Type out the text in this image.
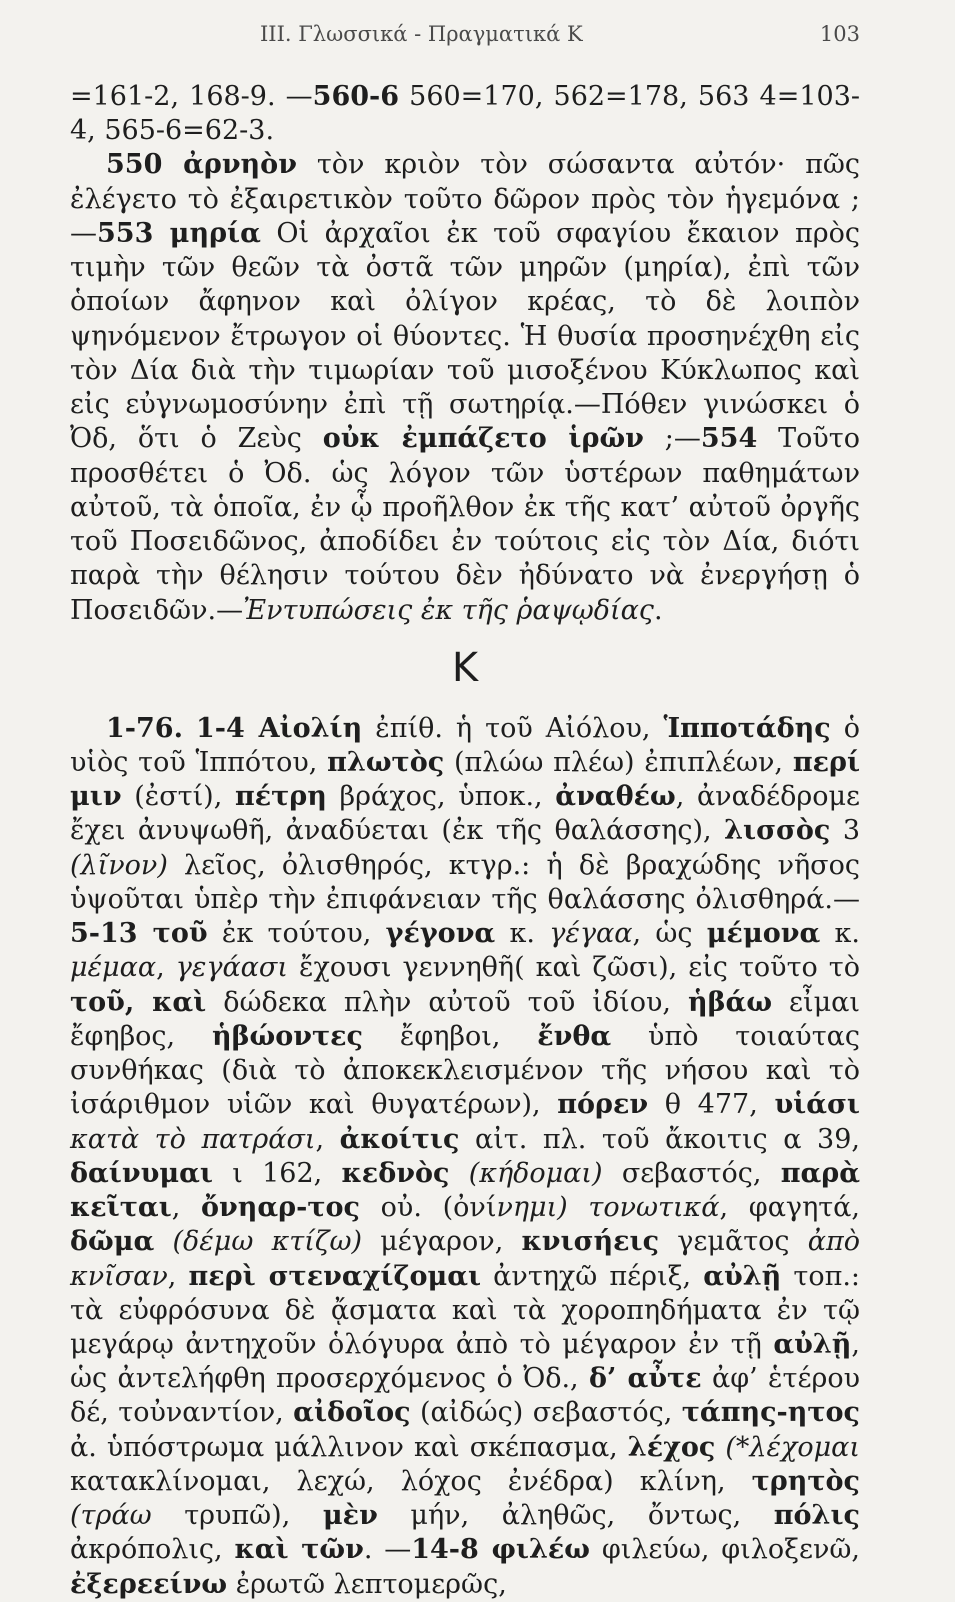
ΙΙΙ. Γλωσσικά - Πραγματικά Κ	103

=161-2, 168-9. —560-6 560=170, 562=178, 563 4=103-4, 565-6=62-3.

550 ἀρνηὸν τὸν κριὸν τὸν σώσαντα αὐτόν· πῶς ἐλέγετο τὸ ἐξαιρετικὸν τοῦτο δῶρον πρὸς τὸν ἡγεμόνα ;—553 μηρία Οἱ ἀρχαῖοι ἐκ τοῦ σφαγίου ἔκαιον πρὸς τιμὴν τῶν θεῶν τὰ ὀστᾶ τῶν μηρῶν (μηρία), ἐπὶ τῶν ὁποίων ἄφηνον καὶ ὀλίγον κρέας, τὸ δὲ λοιπὸν ψηνόμενον ἔτρωγον οἱ θύοντες. Ἡ θυσία προσηνέχθη εἰς τὸν Δία διὰ τὴν τιμωρίαν τοῦ μισοξένου Κύκλωπος καὶ εἰς εὐγνωμοσύνην ἐπὶ τῇ σωτηρίᾳ.—Πόθεν γινώσκει ὁ Ὀδ, ὅτι ὁ Ζεὺς οὐκ ἐμπάζετο ἱρῶν ;—554 Τοῦτο προσθέτει ὁ Ὀδ. ὡς λόγον τῶν ὑστέρων παθημάτων αὐτοῦ, τὰ ὁποῖα, ἐν ᾧ προῆλθον ἐκ τῆς κατ’ αὐτοῦ ὀργῆς τοῦ Ποσειδῶνος, ἀποδίδει ἐν τούτοις εἰς τὸν Δία, διότι παρὰ τὴν θέλησιν τούτου δὲν ἠδύνατο νὰ ἐνεργήσῃ ὁ Ποσειδῶν.—Ἐντυπώσεις ἐκ τῆς ῥαψῳδίας.

Κ

1-76. 1-4 Αἰολίη ἐπίθ. ἡ τοῦ Αἰόλου, Ἱπποτάδης ὁ υἱὸς τοῦ Ἱππότου, πλωτὸς (πλώω πλέω) ἐπιπλέων, περί μιν (ἐστί), πέτρη βράχος, ὑποκ., ἀναθέω, ἀναδέδρομε ἔχει ἀνυψωθῆ, ἀναδύεται (ἐκ τῆς θαλάσσης), λισσὸς 3 (λῖνον) λεῖος, ὀλισθηρός, κτγρ.: ἡ δὲ βραχώδης νῆσος ὑψοῦται ὑπὲρ τὴν ἐπιφάνειαν τῆς θαλάσσης ὀλισθηρά.—5-13 τοῦ ἐκ τούτου, γέγονα κ. γέγαα, ὡς μέμονα κ. μέμαα, γεγάασι ἔχουσι γεννηθῆ( καὶ ζῶσι), εἰς τοῦτο τὸ τοῦ, καὶ δώδεκα πλὴν αὐτοῦ τοῦ ἰδίου, ἡβάω εἶμαι ἔφηβος, ἡβώοντες ἔφηβοι, ἔνθα ὑπὸ τοιαύτας συνθήκας (διὰ τὸ ἀποκεκλεισμένον τῆς νήσου καὶ τὸ ἰσάριθμον υἱῶν καὶ θυγατέρων), πόρεν θ 477, υἱάσι κατὰ τὸ πατράσι, ἀκοίτις αἰτ. πλ. τοῦ ἄκοιτις α 39, δαίνυμαι ι 162, κεδνὸς (κήδομαι) σεβαστός, παρὰ κεῖται, ὄνηαρ-τος οὐ. (ὀνίνημι) τονωτικά, φαγητά, δῶμα (δέμω κτίζω) μέγαρον, κνισήεις γεμᾶτος ἀπὸ κνῖσαν, περὶ στεναχίζομαι ἀντηχῶ πέριξ, αὐλῇ τοπ.: τὰ εὐφρόσυνα δὲ ᾄσματα καὶ τὰ χοροπηδήματα ἐν τῷ μεγάρῳ ἀντηχοῦν ὁλόγυρα ἀπὸ τὸ μέγαρον ἐν τῇ αὐλῇ, ὡς ἀντελήφθη προσερχόμενος ὁ Ὀδ., δ’ αὖτε ἀφ’ ἑτέρου δέ, τοὐναντίον, αἰδοῖος (αἰδώς) σεβαστός, τάπης-ητος ἀ. ὑπόστρωμα μάλλινον καὶ σκέπασμα, λέχος (*λέχομαι κατακλίνομαι, λεχώ, λόχος ἐνέδρα) κλίνη, τρητὸς (τράω τρυπῶ), μὲν μήν, ἀληθῶς, ὄντως, πόλις ἀκρόπολις, καὶ τῶν. —14-8 φιλέω φιλεύω, φιλοξενῶ, ἐξερεείνω ἐρωτῶ λεπτομερῶς,
